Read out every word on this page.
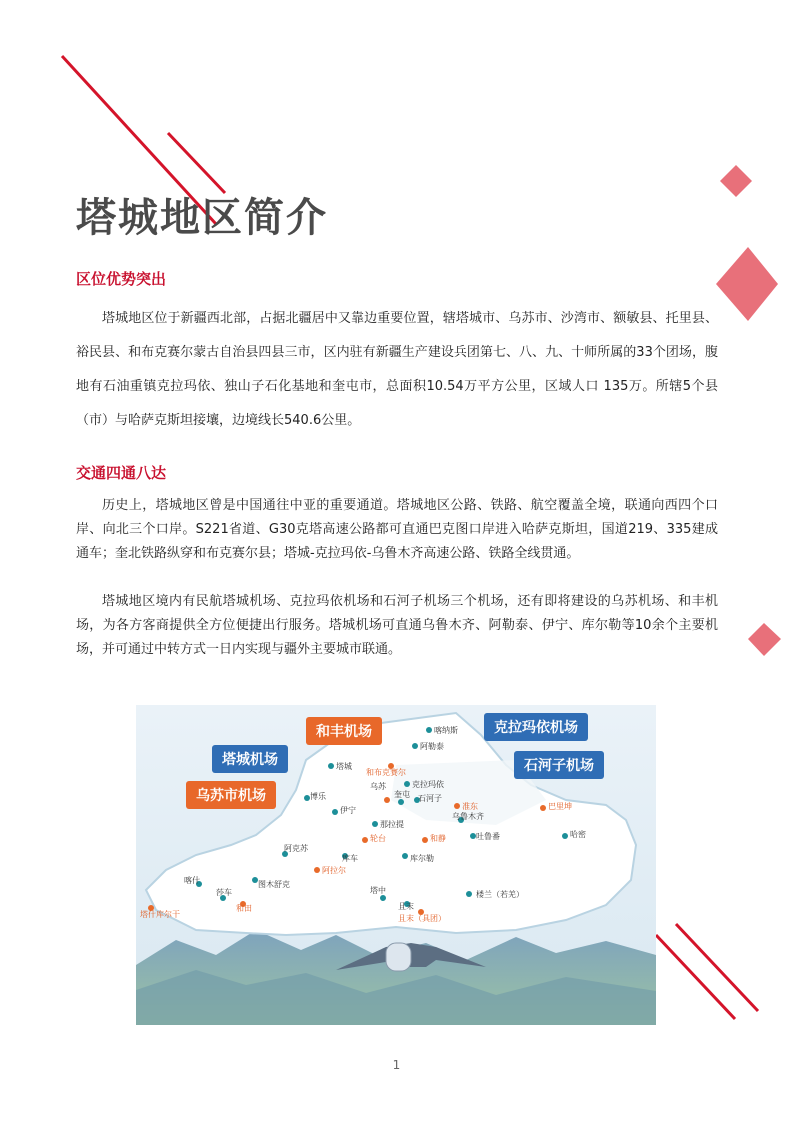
塔城地区简介
区位优势突出
塔城地区位于新疆西北部，占据北疆居中又靠边重要位置，辖塔城市、乌苏市、沙湾市、额敏县、托里县、裕民县、和布克赛尔蒙古自治县四县三市，区内驻有新疆生产建设兵团第七、八、九、十师所属的33个团场，腹地有石油重镇克拉玛依、独山子石化基地和奎屯市，总面积10.54万平方公里，区域人口 135万。所辖5个县（市）与哈萨克斯坦接壤，边境线长540.6公里。
交通四通八达
历史上，塔城地区曾是中国通往中亚的重要通道。塔城地区公路、铁路、航空覆盖全境，联通向西四个口岸、向北三个口岸。S221省道、G30克塔高速公路都可直通巴克图口岸进入哈萨克斯坦，国道219、335建成通车；奎北铁路纵穿和布克赛尔县；塔城-克拉玛依-乌鲁木齐高速公路、铁路全线贯通。
塔城地区境内有民航塔城机场、克拉玛依机场和石河子机场三个机场，还有即将建设的乌苏机场、和丰机场，为各方客商提供全方位便捷出行服务。塔城机场可直通乌鲁木齐、阿勒泰、伊宁、库尔勒等10余个主要机场，并可通过中转方式一日内实现与疆外主要城市联通。
和丰机场	克拉玛依机场
塔城机场	石河子机场
乌苏市机场
喀纳斯
阿勒泰
和布克赛尔
塔城
克拉玛依
乌苏
奎屯 石河子
博乐
伊宁
那拉提
准东
乌鲁木齐
巴里坤
吐鲁番	哈密
阿克苏
库车
轮台	和静
库尔勒
阿拉尔
喀什
莎车
图木舒克
塔中
且末
楼兰（若羌）
塔什库尔干
和田
且末（具团）
1
